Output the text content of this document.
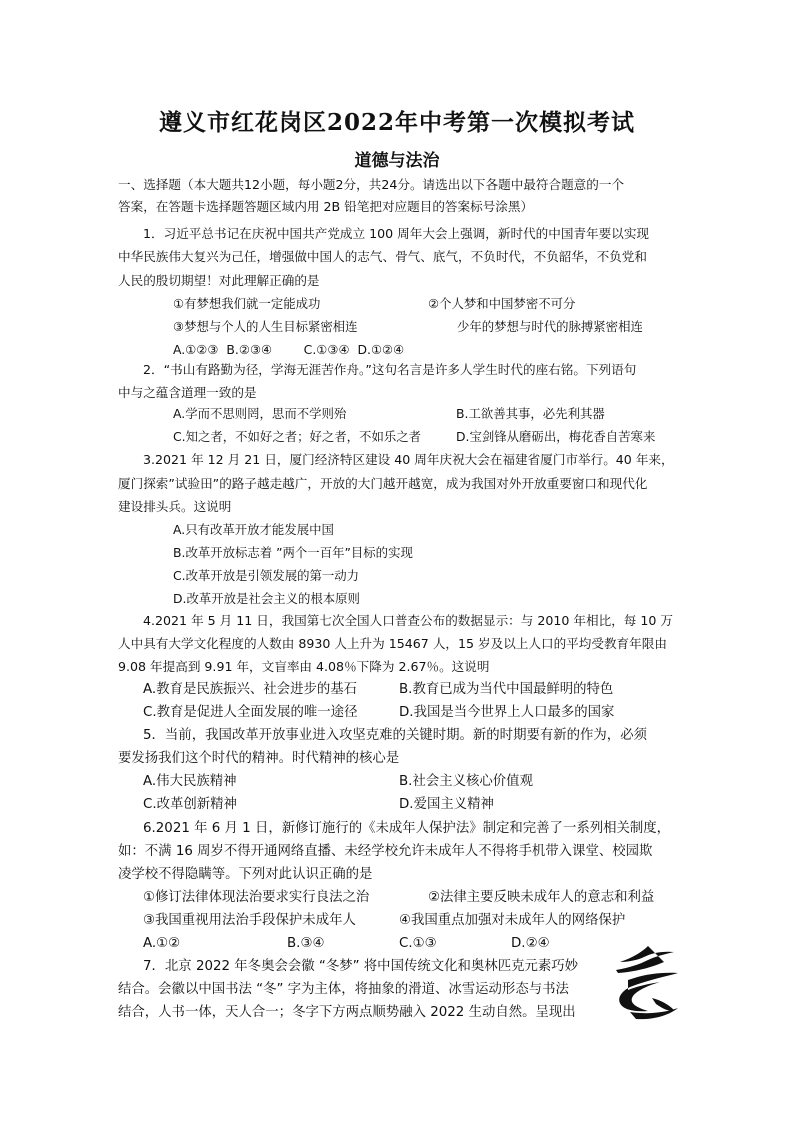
遵义市红花岗区2022年中考第一次模拟考试
道德与法治
一、选择题（本大题共12小题，每小题2分，共24分。请选出以下各题中最符合题意的一个
答案，在答题卡选择题答题区域内用 2B 铅笔把对应题目的答案标号涂黑）
1．习近平总书记在庆祝中国共产党成立 100 周年大会上强调，新时代的中国青年要以实现
中华民族伟大复兴为己任，增强做中国人的志气、骨气、底气，不负时代，不负韶华，不负党和
人民的殷切期望！对此理解正确的是
①有梦想我们就一定能成功	②个人梦和中国梦密不可分
③梦想与个人的人生目标紧密相连	少年的梦想与时代的脉搏紧密相连
A.①②③  B.②③④        C.①③④  D.①②④
2．“书山有路勤为径，学海无涯苦作舟。”这句名言是许多人学生时代的座右铭。下列语句
中与之蕴含道理一致的是
A.学而不思则罔，思而不学则殆	B.工欲善其事，必先利其器
C.知之者，不如好之者；好之者，不如乐之者	D.宝剑锋从磨砺出，梅花香自苦寒来
3.2021 年 12 月 21 日，厦门经济特区建设 40 周年庆祝大会在福建省厦门市举行。40 年来，
厦门探索”试验田”的路子越走越广，开放的大门越开越宽，成为我国对外开放重要窗口和现代化
建设排头兵。这说明
A.只有改革开放才能发展中国
B.改革开放标志着 ”两个一百年”目标的实现
C.改革开放是引领发展的第一动力
D.改革开放是社会主义的根本原则
4.2021 年 5 月 11 日，我国第七次全国人口普查公布的数据显示：与 2010 年相比，每 10 万
人中具有大学文化程度的人数由 8930 人上升为 15467 人，15 岁及以上人口的平均受教育年限由
9.08 年提高到 9.91 年，文盲率由 4.08％下降为 2.67％。这说明
A.教育是民族振兴、社会进步的基石	B.教育已成为当代中国最鲜明的特色
C.教育是促进人全面发展的唯一途径	D.我国是当今世界上人口最多的国家
5．当前，我国改革开放事业进入攻坚克难的关键时期。新的时期要有新的作为，必须
要发扬我们这个时代的精神。时代精神的核心是
A.伟大民族精神	B.社会主义核心价值观
C.改革创新精神	D.爱国主义精神
6.2021 年 6 月 1 日，新修订施行的《未成年人保护法》制定和完善了一系列相关制度，
如：不满 16 周岁不得开通网络直播、未经学校允许未成年人不得将手机带入课堂、校园欺
凌学校不得隐瞒等。下列对此认识正确的是
①修订法律体现法治要求实行良法之治	②法律主要反映未成年人的意志和利益
③我国重视用法治手段保护未成年人	④我国重点加强对未成年人的网络保护
A.①②	B.③④	C.①③	D.②④
7．北京 2022 年冬奥会会徽 “冬梦” 将中国传统文化和奥林匹克元素巧妙
结合。会徽以中国书法 “冬” 字为主体，将抽象的滑道、冰雪运动形态与书法
结合，人书一体，天人合一；冬字下方两点顺势融入 2022 生动自然。呈现出
